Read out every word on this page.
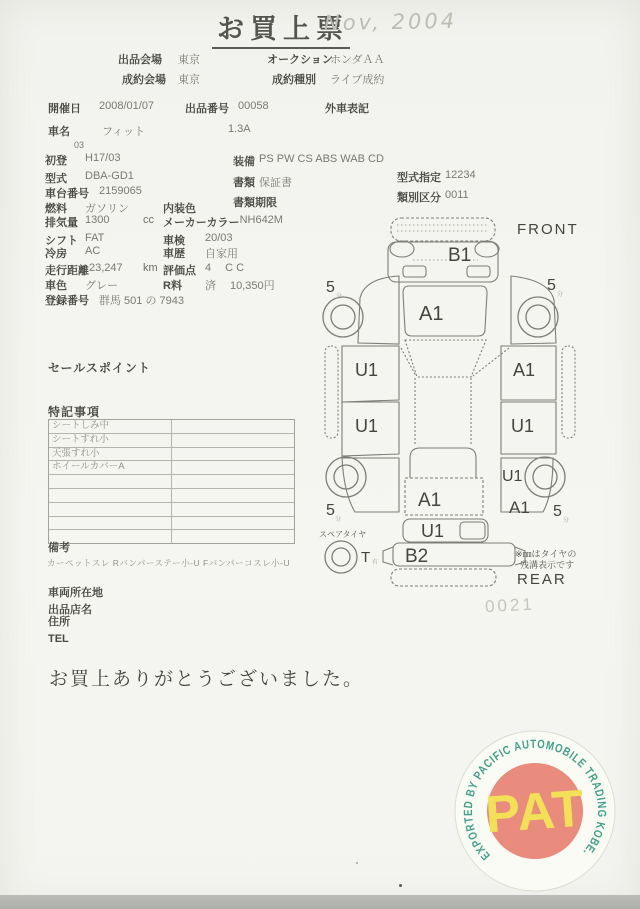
お買上票
Nov, 2004
出品会場 東京	オークション
ホンダＡＡ
成約会場 東京	成約種別 ライブ成約
開催日 2008/01/07	出品番号 00058	外車表記
車名	フィット	1.3A
03
初登	H17/03
型式	DBA-GD1
車台番号 2159065
燃料	ガソリン
排気量 1300	cc
シフト FAT
冷房	AC
走行距離 23,247 km
車色	グレー
登録番号 群馬 501 の 7943
内装色
メーカーカラー NH642M
車検	20/03
車歴	自家用
評価点 4 C C
R料	済 10,350円
装備 PS PW CS ABS WAB CD
書類 保証書
書類期限
型式指定 12234
類別区分 0011
FRONT
REAR
B1
A1
U1
U1
A1
U1
U1
A1
A1
U1
B2
5	5
5	5
分	分
分	分
スペアタイヤ
T 有
※㎜はタイヤの
残溝表示です
0021
セールスポイント
特記事項
シートしみ中
シートすれ小
天張すれ小
ホイールカバーA
備考
カーペットスレ Rバンパーステー小-U Fバンパーコスレ小-U
車両所在地
出品店名
住所
TEL
お買上ありがとうございました。
EXPORTED BY PACIFIC AUTOMOBILE TRADING KOBE.
PAT
